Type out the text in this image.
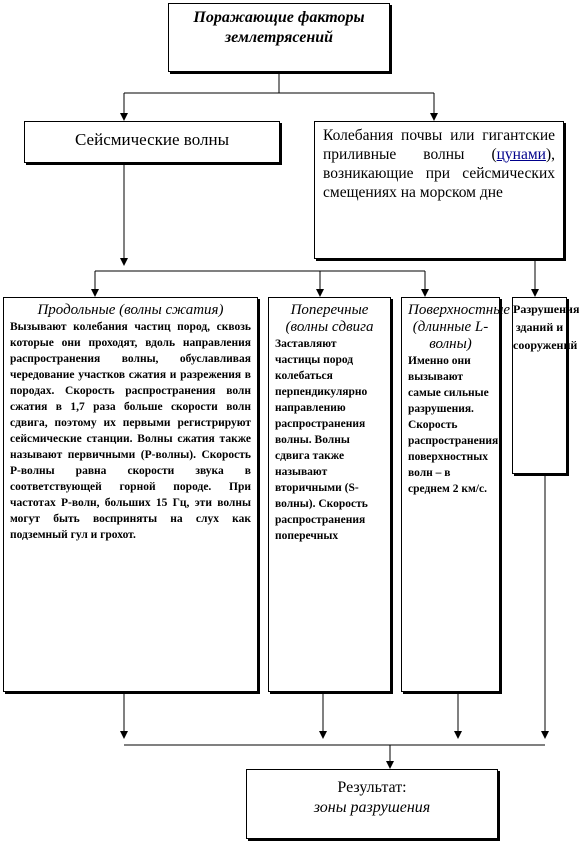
Поражающие факторы
землетрясений
Сейсмические волны	Колебания почвы или гигантские приливные волны (цунами), возникающие при сейсмических смещениях на морском дне
Продольные (волны сжатия)
Вызывают колебания частиц пород, сквозь которые они проходят, вдоль направления распространения волны, обуславливая чередование участков сжатия и разрежения в породах. Скорость распространения волн сжатия в 1,7 раза больше скорости волн сдвига, поэтому их первыми регистрируют сейсмические станции. Волны сжатия также называют первичными (P-волны). Скорость P-волны равна скорости звука в соответствующей горной породе. При частотах P-волн, больших 15 Гц, эти волны могут быть восприняты на слух как подземный гул и грохот.
Поперечные (волны сдвига
Заставляют частицы пород колебаться перпендикулярно направлению распространения волны. Волны сдвига также называют вторичными (S-волны). Скорость распространения поперечных
Поверхностные (длинные L-волны)
Именно они вызывают самые сильные разрушения. Скорость распространения поверхностных волн – в среднем 2 км/с.
Разрушения зданий и сооружений
Результат:
зоны разрушения
